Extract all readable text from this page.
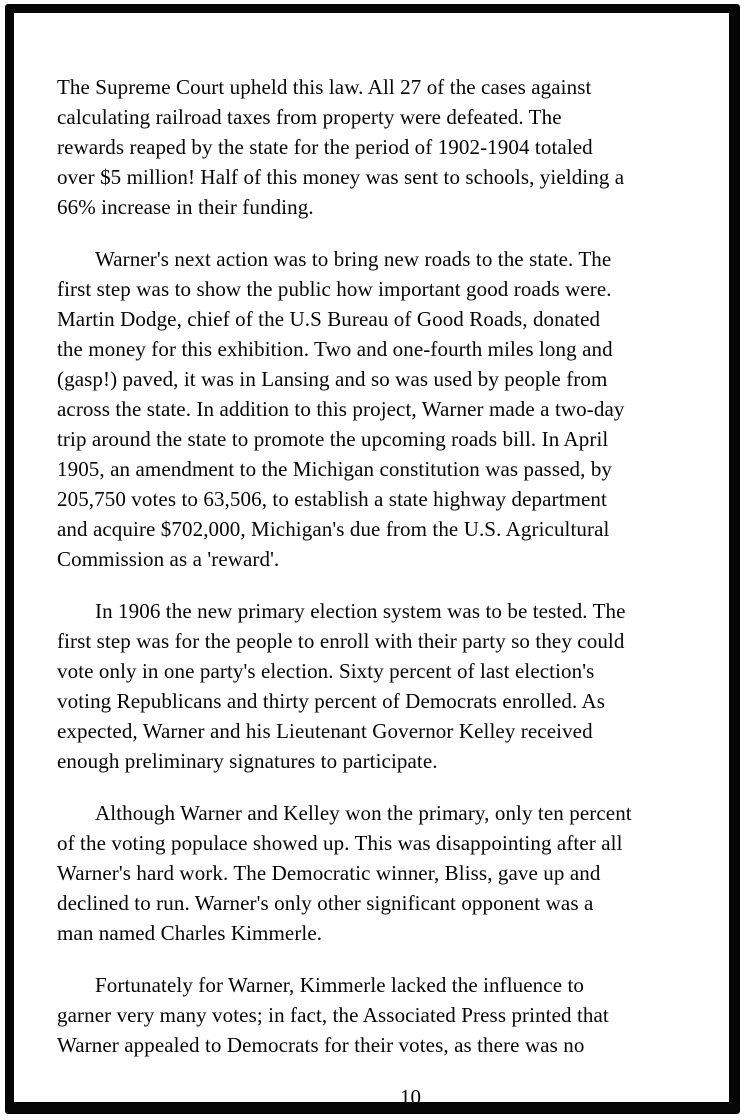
The Supreme Court upheld this law. All 27 of the cases against
calculating railroad taxes from property were defeated. The
rewards reaped by the state for the period of 1902-1904 totaled
over $5 million! Half of this money was sent to schools, yielding a
66% increase in their funding.

Warner's next action was to bring new roads to the state. The
first step was to show the public how important good roads were.
Martin Dodge, chief of the U.S Bureau of Good Roads, donated
the money for this exhibition. Two and one-fourth miles long and
(gasp!) paved, it was in Lansing and so was used by people from
across the state. In addition to this project, Warner made a two-day
trip around the state to promote the upcoming roads bill. In April
1905, an amendment to the Michigan constitution was passed, by
205,750 votes to 63,506, to establish a state highway department
and acquire $702,000, Michigan's due from the U.S. Agricultural
Commission as a 'reward'.

In 1906 the new primary election system was to be tested. The
first step was for the people to enroll with their party so they could
vote only in one party's election. Sixty percent of last election's
voting Republicans and thirty percent of Democrats enrolled. As
expected, Warner and his Lieutenant Governor Kelley received
enough preliminary signatures to participate.

Although Warner and Kelley won the primary, only ten percent
of the voting populace showed up. This was disappointing after all
Warner's hard work. The Democratic winner, Bliss, gave up and
declined to run. Warner's only other significant opponent was a
man named Charles Kimmerle.

Fortunately for Warner, Kimmerle lacked the influence to
garner very many votes; in fact, the Associated Press printed that
Warner appealed to Democrats for their votes, as there was no

10
